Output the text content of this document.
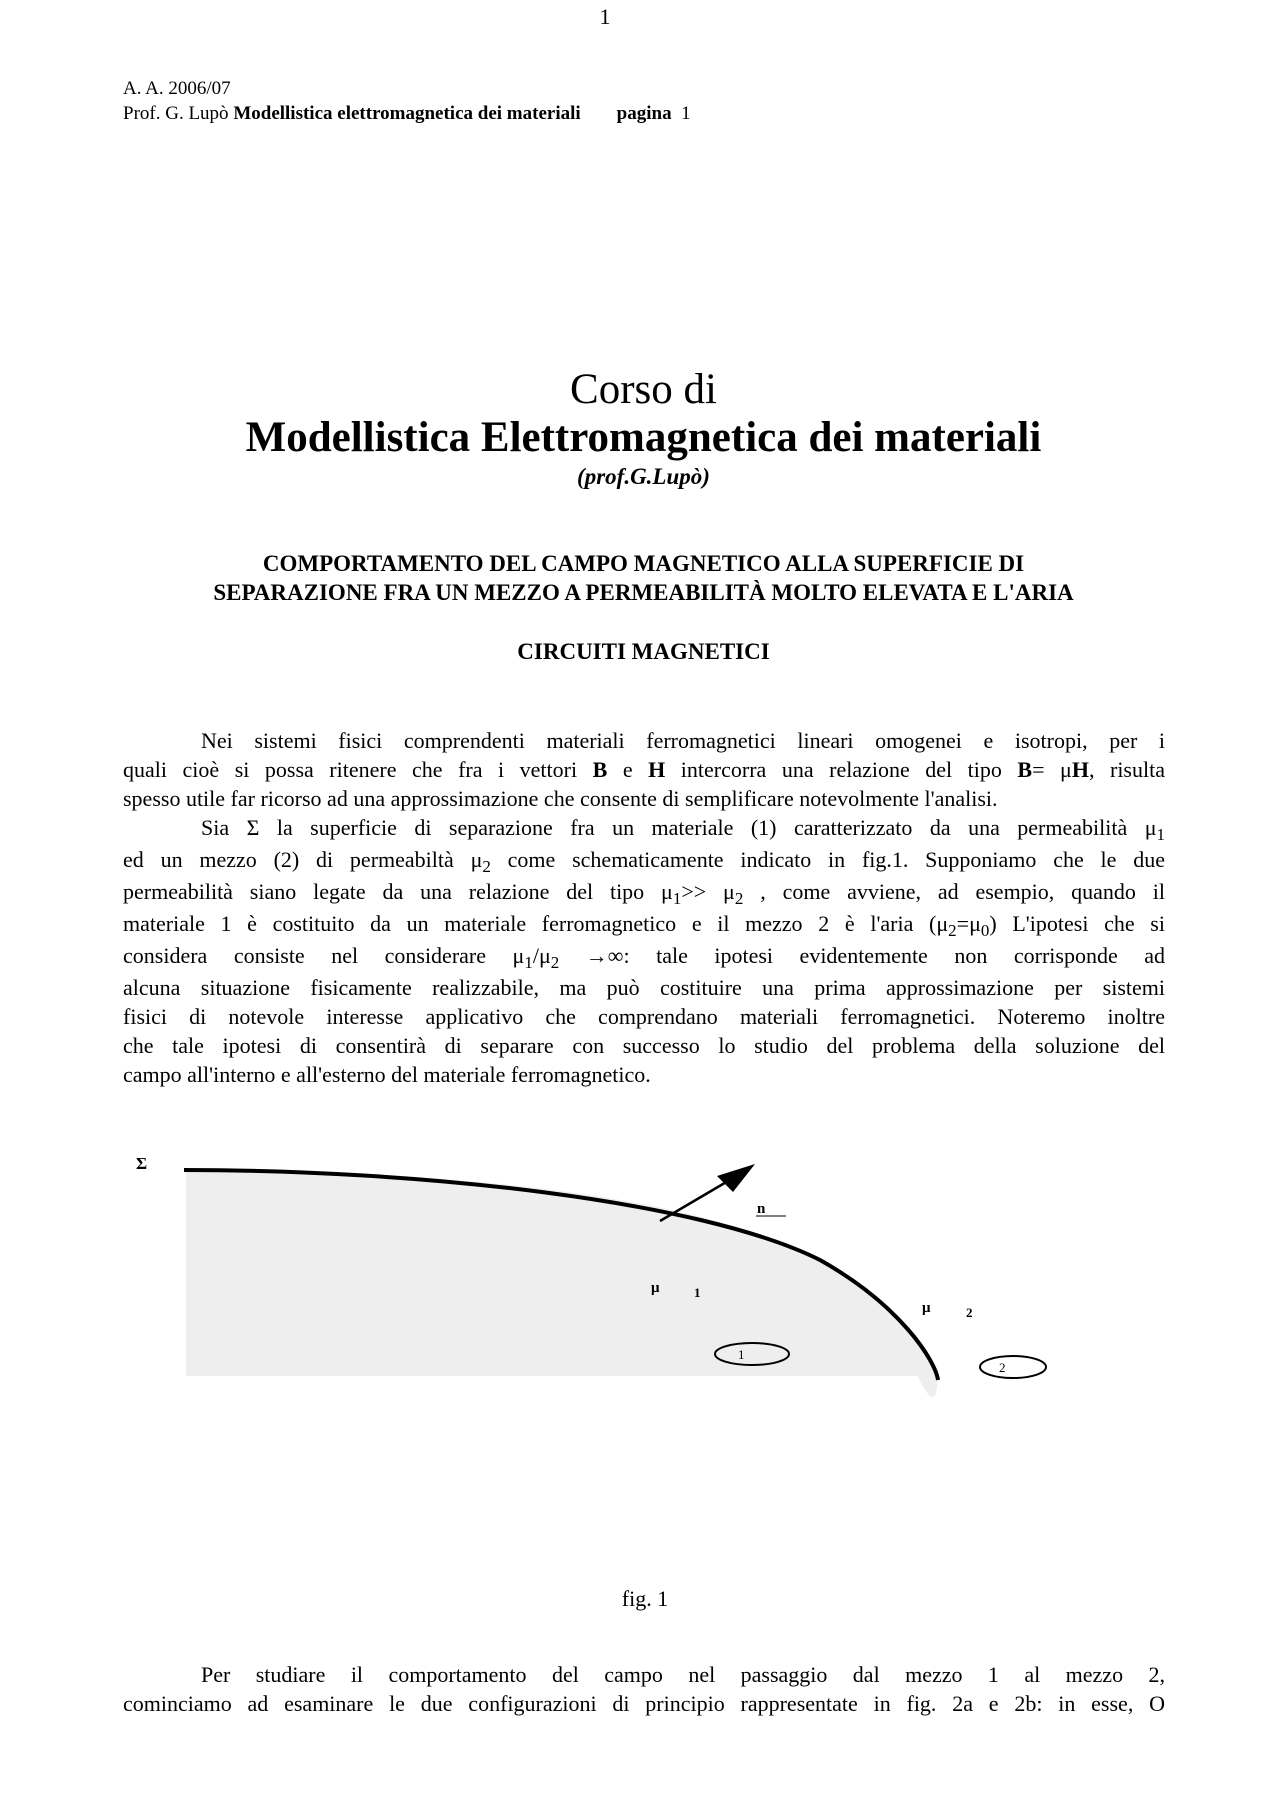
1
A. A. 2006/07
Prof. G. Lupò Modellistica elettromagnetica dei materiali pagina 1
Corso di
Modellistica Elettromagnetica dei materiali
(prof.G.Lupò)
COMPORTAMENTO DEL CAMPO MAGNETICO ALLA SUPERFICIE DI
SEPARAZIONE FRA UN MEZZO A PERMEABILITÀ MOLTO ELEVATA E L'ARIA
CIRCUITI MAGNETICI
Nei sistemi fisici comprendenti materiali ferromagnetici lineari omogenei e isotropi, per i
quali cioè si possa ritenere che fra i vettori B e H intercorra una relazione del tipo B= μH, risulta
spesso utile far ricorso ad una approssimazione che consente di semplificare notevolmente l'analisi.
Sia Σ la superficie di separazione fra un materiale (1) caratterizzato da una permeabilità $\mu_1$
ed un mezzo (2) di permeabiltà $\mu_2$ come schematicamente indicato in fig.1. Supponiamo che le due
permeabilità siano legate da una relazione del tipo $\mu_1>> \mu_2$ , come avviene, ad esempio, quando il
materiale 1 è costituito da un materiale ferromagnetico e il mezzo 2 è l'aria $(\mu_2=\mu_0)$ L'ipotesi che si
considera consiste nel considerare $\mu_1/\mu_2$ →∞: tale ipotesi evidentemente non corrisponde ad
alcuna situazione fisicamente realizzabile, ma può costituire una prima approssimazione per sistemi
fisici di notevole interesse applicativo che comprendano materiali ferromagnetici. Noteremo inoltre
che tale ipotesi di consentirà di separare con successo lo studio del problema della soluzione del
campo all'interno e all'esterno del materiale ferromagnetico.
Σ
n
μ	1
μ	2
1
2
fig. 1
Per studiare il comportamento del campo nel passaggio dal mezzo 1 al mezzo 2,
cominciamo ad esaminare le due configurazioni di principio rappresentate in fig. 2a e 2b: in esse, O
